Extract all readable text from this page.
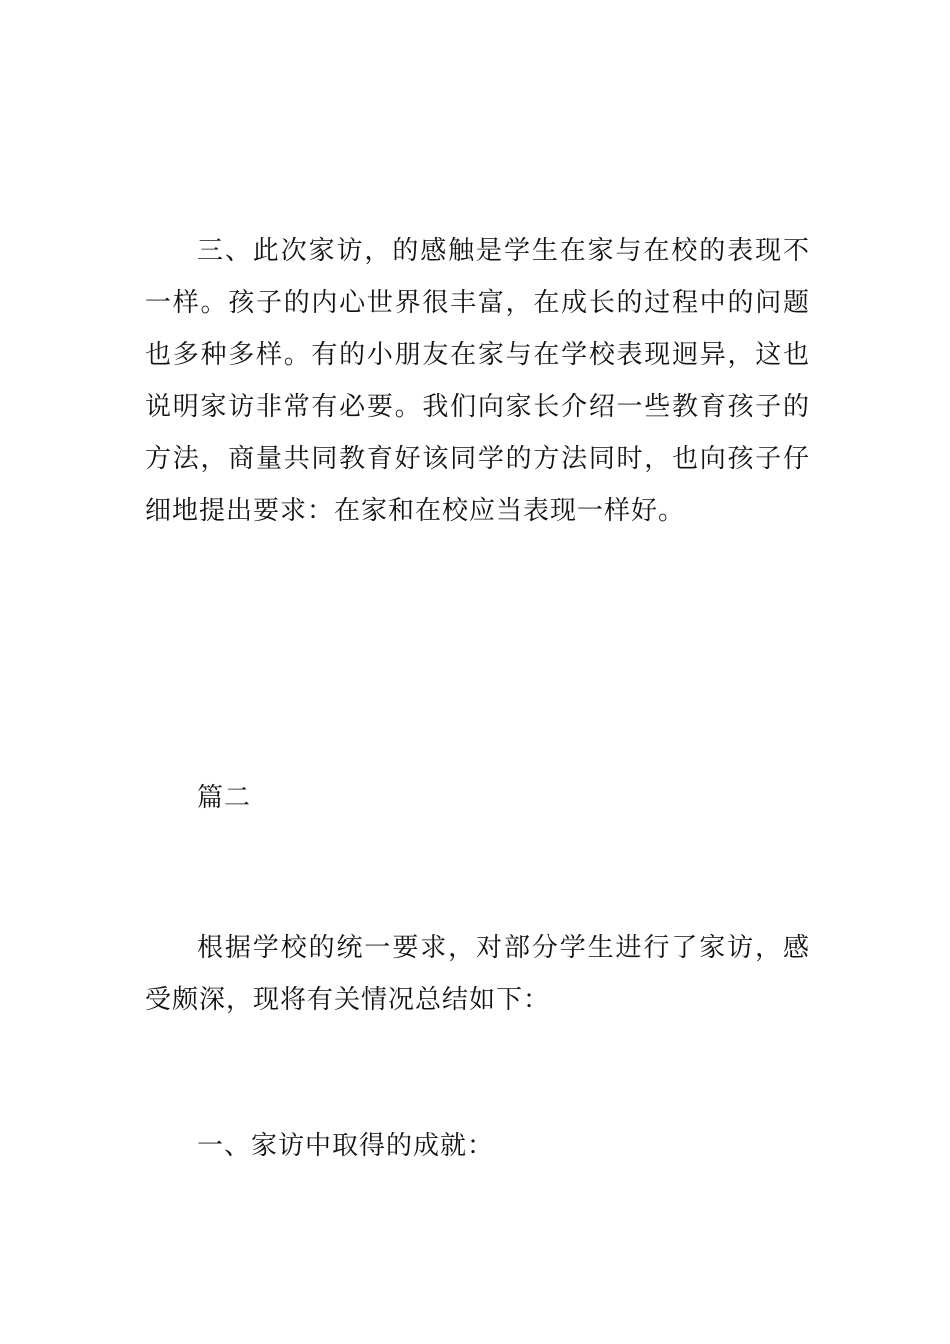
三、此次家访，的感触是学生在家与在校的表现不一样。孩子的内心世界很丰富，在成长的过程中的问题也多种多样。有的小朋友在家与在学校表现迥异，这也说明家访非常有必要。我们向家长介绍一些教育孩子的方法，商量共同教育好该同学的方法同时，也向孩子仔细地提出要求：在家和在校应当表现一样好。

篇二

根据学校的统一要求，对部分学生进行了家访，感受颇深，现将有关情况总结如下：

一、家访中取得的成就：
